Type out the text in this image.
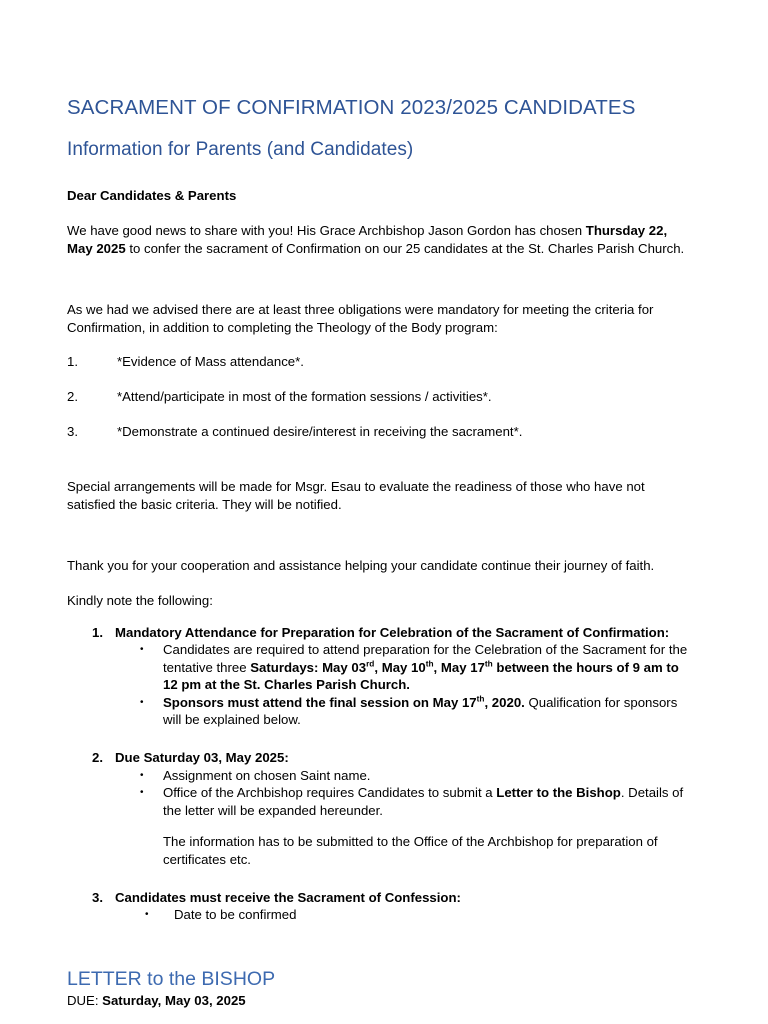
SACRAMENT OF CONFIRMATION 2023/2025 CANDIDATES
Information for Parents (and Candidates)

Dear Candidates & Parents

We have good news to share with you! His Grace Archbishop Jason Gordon has chosen Thursday 22, May 2025 to confer the sacrament of Confirmation on our 25 candidates at the St. Charles Parish Church.

As we had we advised there are at least three obligations were mandatory for meeting the criteria for Confirmation, in addition to completing the Theology of the Body program:

1.	*Evidence of Mass attendance*.
2.	*Attend/participate in most of the formation sessions / activities*.
3.	*Demonstrate a continued desire/interest in receiving the sacrament*.

Special arrangements will be made for Msgr. Esau to evaluate the readiness of those who have not satisfied the basic criteria. They will be notified.

Thank you for your cooperation and assistance helping your candidate continue their journey of faith.

Kindly note the following:

1. Mandatory Attendance for Preparation for Celebration of the Sacrament of Confirmation:
•	Candidates are required to attend preparation for the Celebration of the Sacrament for the tentative three Saturdays: May 03rd, May 10th, May 17th between the hours of 9 am to 12 pm at the St. Charles Parish Church.
•	Sponsors must attend the final session on May 17th, 2020. Qualification for sponsors will be explained below.
2. Due Saturday 03, May 2025:
•	Assignment on chosen Saint name.
•	Office of the Archbishop requires Candidates to submit a Letter to the Bishop. Details of the letter will be expanded hereunder.
The information has to be submitted to the Office of the Archbishop for preparation of certificates etc.
3. Candidates must receive the Sacrament of Confession:
•	Date to be confirmed
LETTER to the BISHOP

DUE: Saturday, May 03, 2025
